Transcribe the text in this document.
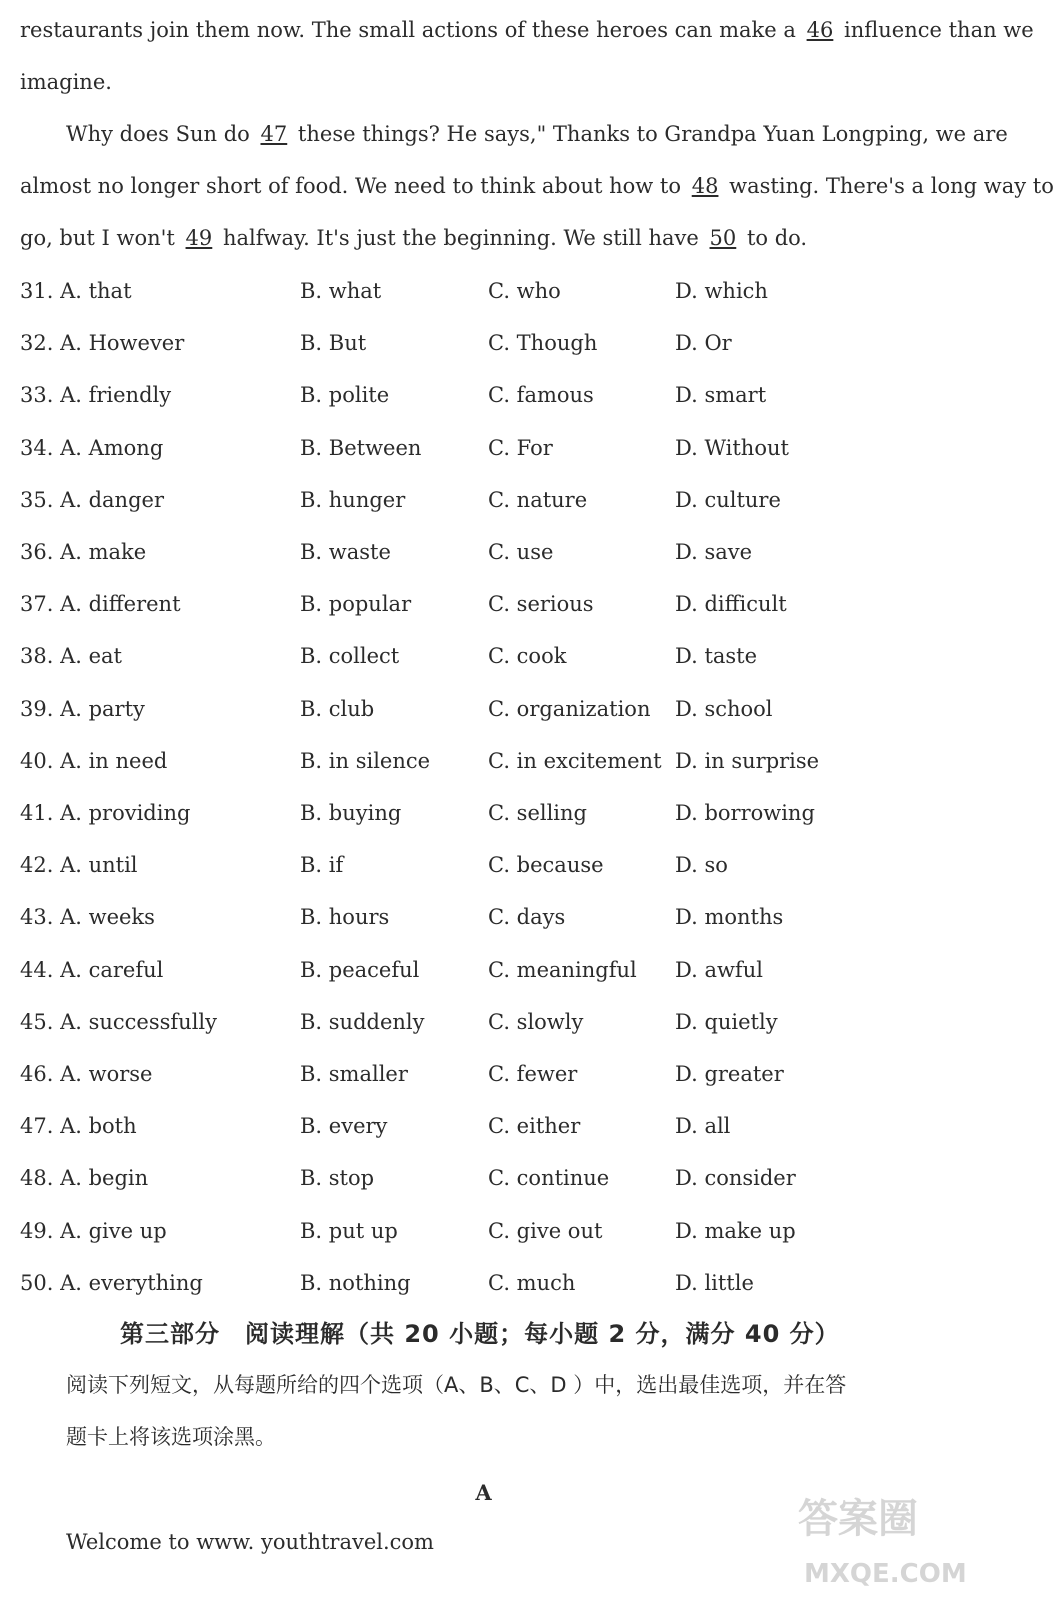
restaurants join them now. The small actions of these heroes can make a 46 influence than we
imagine.
Why does Sun do 47 these things? He says," Thanks to Grandpa Yuan Longping, we are
almost no longer short of food. We need to think about how to 48 wasting. There's a long way to
go, but I won't 49 halfway. It's just the beginning. We still have 50 to do.
31. A. that	B. what	C. who	D. which
32. A. However	B. But	C. Though	D. Or
33. A. friendly	B. polite	C. famous	D. smart
34. A. Among	B. Between	C. For	D. Without
35. A. danger	B. hunger	C. nature	D. culture
36. A. make	B. waste	C. use	D. save
37. A. different	B. popular	C. serious	D. difficult
38. A. eat	B. collect	C. cook	D. taste
39. A. party	B. club	C. organization D. school
40. A. in need	B. in silence	C. in excitement D. in surprise
41. A. providing	B. buying	C. selling	D. borrowing
42. A. until	B. if	C. because	D. so
43. A. weeks	B. hours	C. days	D. months
44. A. careful	B. peaceful	C. meaningful D. awful
45. A. successfully	B. suddenly	C. slowly	D. quietly
46. A. worse	B. smaller	C. fewer	D. greater
47. A. both	B. every	C. either	D. all
48. A. begin	B. stop	C. continue	D. consider
49. A. give up	B. put up	C. give out	D. make up
50. A. everything	B. nothing	C. much	D. little
第三部分　阅读理解（共 20 小题；每小题 2 分，满分 40 分）
阅读下列短文，从每题所给的四个选项（A、B、C、D ）中，选出最佳选项，并在答
题卡上将该选项涂黑。
A
Welcome to www. youthtravel.com	答案圈
MXQE.COM
